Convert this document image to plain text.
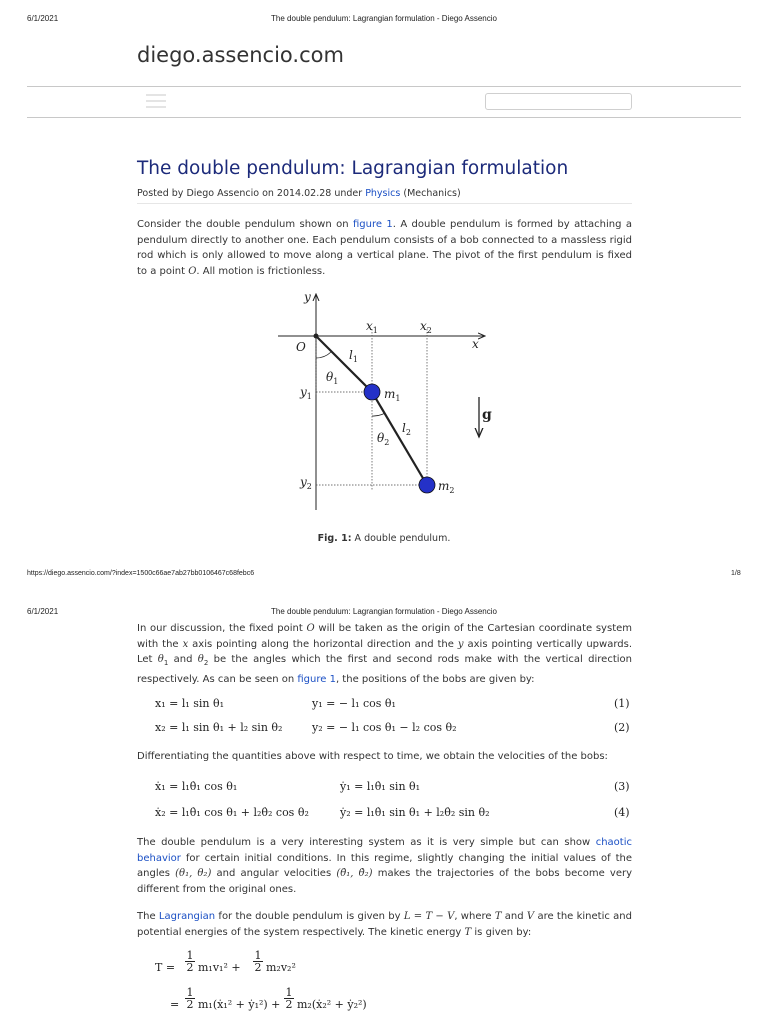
6/1/2021	The double pendulum: Lagrangian formulation - Diego Assencio
diego.assencio.com
The double pendulum: Lagrangian formulation
Posted by Diego Assencio on 2014.02.28 under Physics (Mechanics)
Consider the double pendulum shown on figure 1. A double pendulum is formed by attaching a pendulum directly to another one. Each pendulum consists of a bob connected to a massless rigid rod which is only allowed to move along a vertical plane. The pivot of the first pendulum is fixed to a point O. All motion is frictionless.
y
x
O
$x_1$	$x_2$
$y_1$
$y_2$
$l_1$
$l_2$
$\theta_1$
$\theta_2$
$m_1$
$m_2$
g
Fig. 1: A double pendulum.
https://diego.assencio.com/?index=1500c66ae7ab27bb0106467c68febc6	1/8
6/1/2021	The double pendulum: Lagrangian formulation - Diego Assencio
In our discussion, the fixed point O will be taken as the origin of the Cartesian coordinate system with the x axis pointing along the horizontal direction and the y axis pointing vertically upwards. Let $\theta_1$ and $\theta_2$ be the angles which the first and second rods make with the vertical direction respectively. As can be seen on figure 1, the positions of the bobs are given by:
x₁ = l₁ sin θ₁	y₁ = − l₁ cos θ₁	(1)
x₂ = l₁ sin θ₁ + l₂ sin θ₂	y₂ = − l₁ cos θ₁ − l₂ cos θ₂	(2)
Differentiating the quantities above with respect to time, we obtain the velocities of the bobs:
ẋ₁ = l₁θ̇₁ cos θ₁	ẏ₁ = l₁θ̇₁ sin θ₁	(3)
ẋ₂ = l₁θ̇₁ cos θ₁ + l₂θ̇₂ cos θ₂	ẏ₂ = l₁θ̇₁ sin θ₁ + l₂θ̇₂ sin θ₂	(4)
The double pendulum is a very interesting system as it is very simple but can show chaotic behavior for certain initial conditions. In this regime, slightly changing the initial values of the angles (θ₁, θ₂) and angular velocities (θ̇₁, θ̇₂) makes the trajectories of the bobs become very different from the original ones.
The Lagrangian for the double pendulum is given by L = T − V, where T and V are the kinetic and potential energies of the system respectively. The kinetic energy T is given by:
T =
1
2 m₁v₁² +
1
2 m₂v₂²
=
1
2 m₁(ẋ₁² + ẏ₁²) +
1
2 m₂(ẋ₂² + ẏ₂²)
